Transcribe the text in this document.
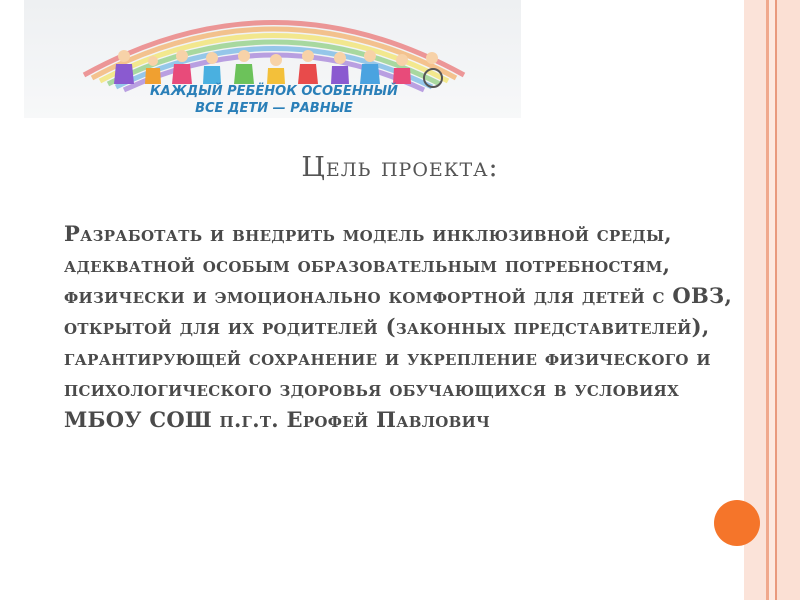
КАЖДЫЙ РЕБЁНОК ОСОБЕННЫЙ
ВСЕ ДЕТИ — РАВНЫЕ
Цель проекта:
Разработать и внедрить модель инклюзивной среды, адекватной особым образовательным потребностям, физически и эмоционально комфортной для детей с ОВЗ, открытой для их родителей (законных представителей), гарантирующей сохранение и укрепление физического и психологического здоровья обучающихся в условиях МБОУ СОШ п.г.т. Ерофей Павлович
